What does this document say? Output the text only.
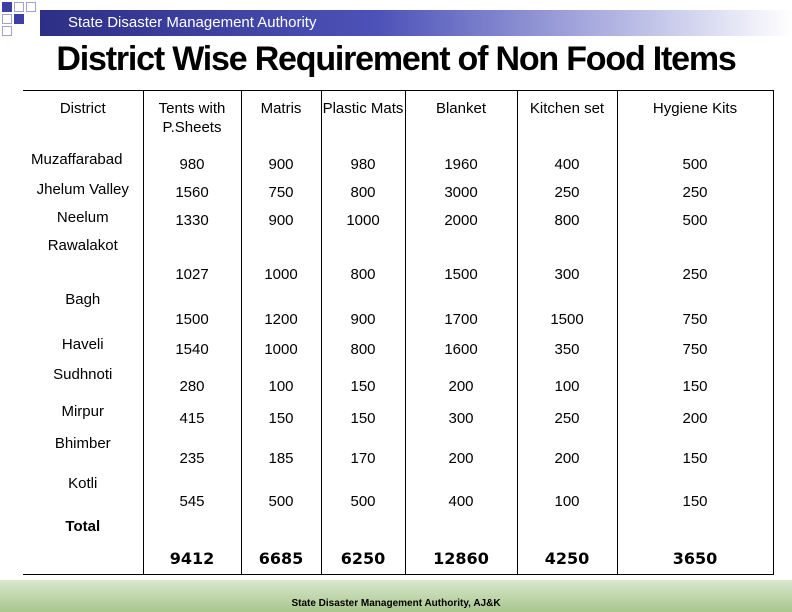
State Disaster Management Authority
District Wise Requirement of Non Food Items
District	Tents with P.Sheets	Matris	Plastic Mats	Blanket	Kitchen set	Hygiene Kits
Muzaffarabad	980	900	980	1960	400	500
Jhelum Valley	1560	750	800	3000	250	250
Neelum	1330	900	1000	2000	800	500
Rawalakot	1027	1000	800	1500	300	250
Bagh	1500	1200	900	1700	1500	750
Haveli	1540	1000	800	1600	350	750
Sudhnoti	280	100	150	200	100	150
Mirpur	415	150	150	300	250	200
Bhimber	235	185	170	200	200	150
Kotli	545	500	500	400	100	150
Total	9412	6685	6250	12860	4250	3650
State Disaster Management Authority, AJ&K
